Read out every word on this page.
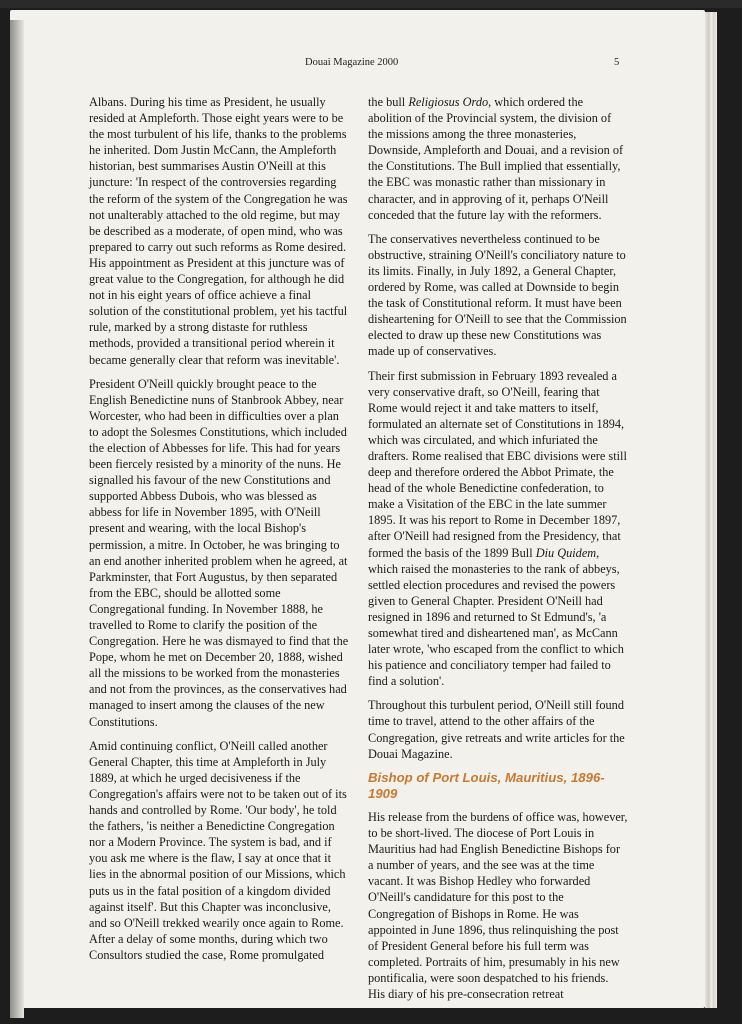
Douai Magazine 2000	5

Albans. During his time as President, he usually resided at Ampleforth. Those eight years were to be the most turbulent of his life, thanks to the problems he inherited. Dom Justin McCann, the Ampleforth historian, best summarises Austin O'Neill at this juncture: 'In respect of the controversies regarding the reform of the system of the Congregation he was not unalterably attached to the old regime, but may be described as a moderate, of open mind, who was prepared to carry out such reforms as Rome desired. His appointment as President at this juncture was of great value to the Congregation, for although he did not in his eight years of office achieve a final solution of the constitutional problem, yet his tactful rule, marked by a strong distaste for ruthless methods, provided a transitional period wherein it became generally clear that reform was inevitable'.

President O'Neill quickly brought peace to the English Benedictine nuns of Stanbrook Abbey, near Worcester, who had been in difficulties over a plan to adopt the Solesmes Constitutions, which included the election of Abbesses for life. This had for years been fiercely resisted by a minority of the nuns. He signalled his favour of the new Constitutions and supported Abbess Dubois, who was blessed as abbess for life in November 1895, with O'Neill present and wearing, with the local Bishop's permission, a mitre. In October, he was bringing to an end another inherited problem when he agreed, at Parkminster, that Fort Augustus, by then separated from the EBC, should be allotted some Congregational funding. In November 1888, he travelled to Rome to clarify the position of the Congregation. Here he was dismayed to find that the Pope, whom he met on December 20, 1888, wished all the missions to be worked from the monasteries and not from the provinces, as the conservatives had managed to insert among the clauses of the new Constitutions.

Amid continuing conflict, O'Neill called another General Chapter, this time at Ampleforth in July 1889, at which he urged decisiveness if the Congregation's affairs were not to be taken out of its hands and controlled by Rome. 'Our body', he told the fathers, 'is neither a Benedictine Congregation nor a Modern Province. The system is bad, and if you ask me where is the flaw, I say at once that it lies in the abnormal position of our Missions, which puts us in the fatal position of a kingdom divided against itself'. But this Chapter was inconclusive, and so O'Neill trekked wearily once again to Rome. After a delay of some months, during which two Consultors studied the case, Rome promulgated

the bull Religiosus Ordo, which ordered the abolition of the Provincial system, the division of the missions among the three monasteries, Downside, Ampleforth and Douai, and a revision of the Constitutions. The Bull implied that essentially, the EBC was monastic rather than missionary in character, and in approving of it, perhaps O'Neill conceded that the future lay with the reformers.

The conservatives nevertheless continued to be obstructive, straining O'Neill's conciliatory nature to its limits. Finally, in July 1892, a General Chapter, ordered by Rome, was called at Downside to begin the task of Constitutional reform. It must have been disheartening for O'Neill to see that the Commission elected to draw up these new Constitutions was made up of conservatives.

Their first submission in February 1893 revealed a very conservative draft, so O'Neill, fearing that Rome would reject it and take matters to itself, formulated an alternate set of Constitutions in 1894, which was circulated, and which infuriated the drafters. Rome realised that EBC divisions were still deep and therefore ordered the Abbot Primate, the head of the whole Benedictine confederation, to make a Visitation of the EBC in the late summer 1895. It was his report to Rome in December 1897, after O'Neill had resigned from the Presidency, that formed the basis of the 1899 Bull Diu Quidem, which raised the monasteries to the rank of abbeys, settled election procedures and revised the powers given to General Chapter. President O'Neill had resigned in 1896 and returned to St Edmund's, 'a somewhat tired and disheartened man', as McCann later wrote, 'who escaped from the conflict to which his patience and conciliatory temper had failed to find a solution'.

Throughout this turbulent period, O'Neill still found time to travel, attend to the other affairs of the Congregation, give retreats and write articles for the Douai Magazine.

Bishop of Port Louis, Mauritius, 1896-1909

His release from the burdens of office was, however, to be short-lived. The diocese of Port Louis in Mauritius had had English Benedictine Bishops for a number of years, and the see was at the time vacant. It was Bishop Hedley who forwarded O'Neill's candidature for this post to the Congregation of Bishops in Rome. He was appointed in June 1896, thus relinquishing the post of President General before his full term was completed. Portraits of him, presumably in his new pontificalia, were soon despatched to his friends. His diary of his pre-consecration retreat
